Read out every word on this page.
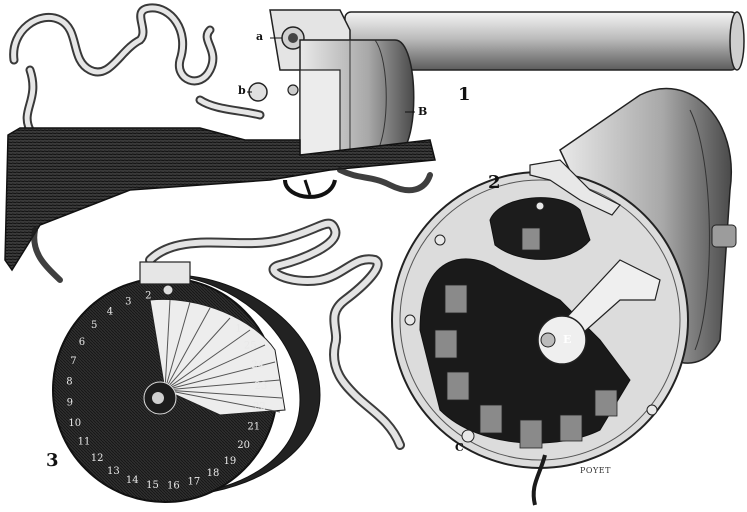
2
3
4
5
6
7
8
9
10
11
12
13
14 15 16 17
18
19
20
21
22
23
24
25
1
1
2
3
a
b
B
E
C
POYET
